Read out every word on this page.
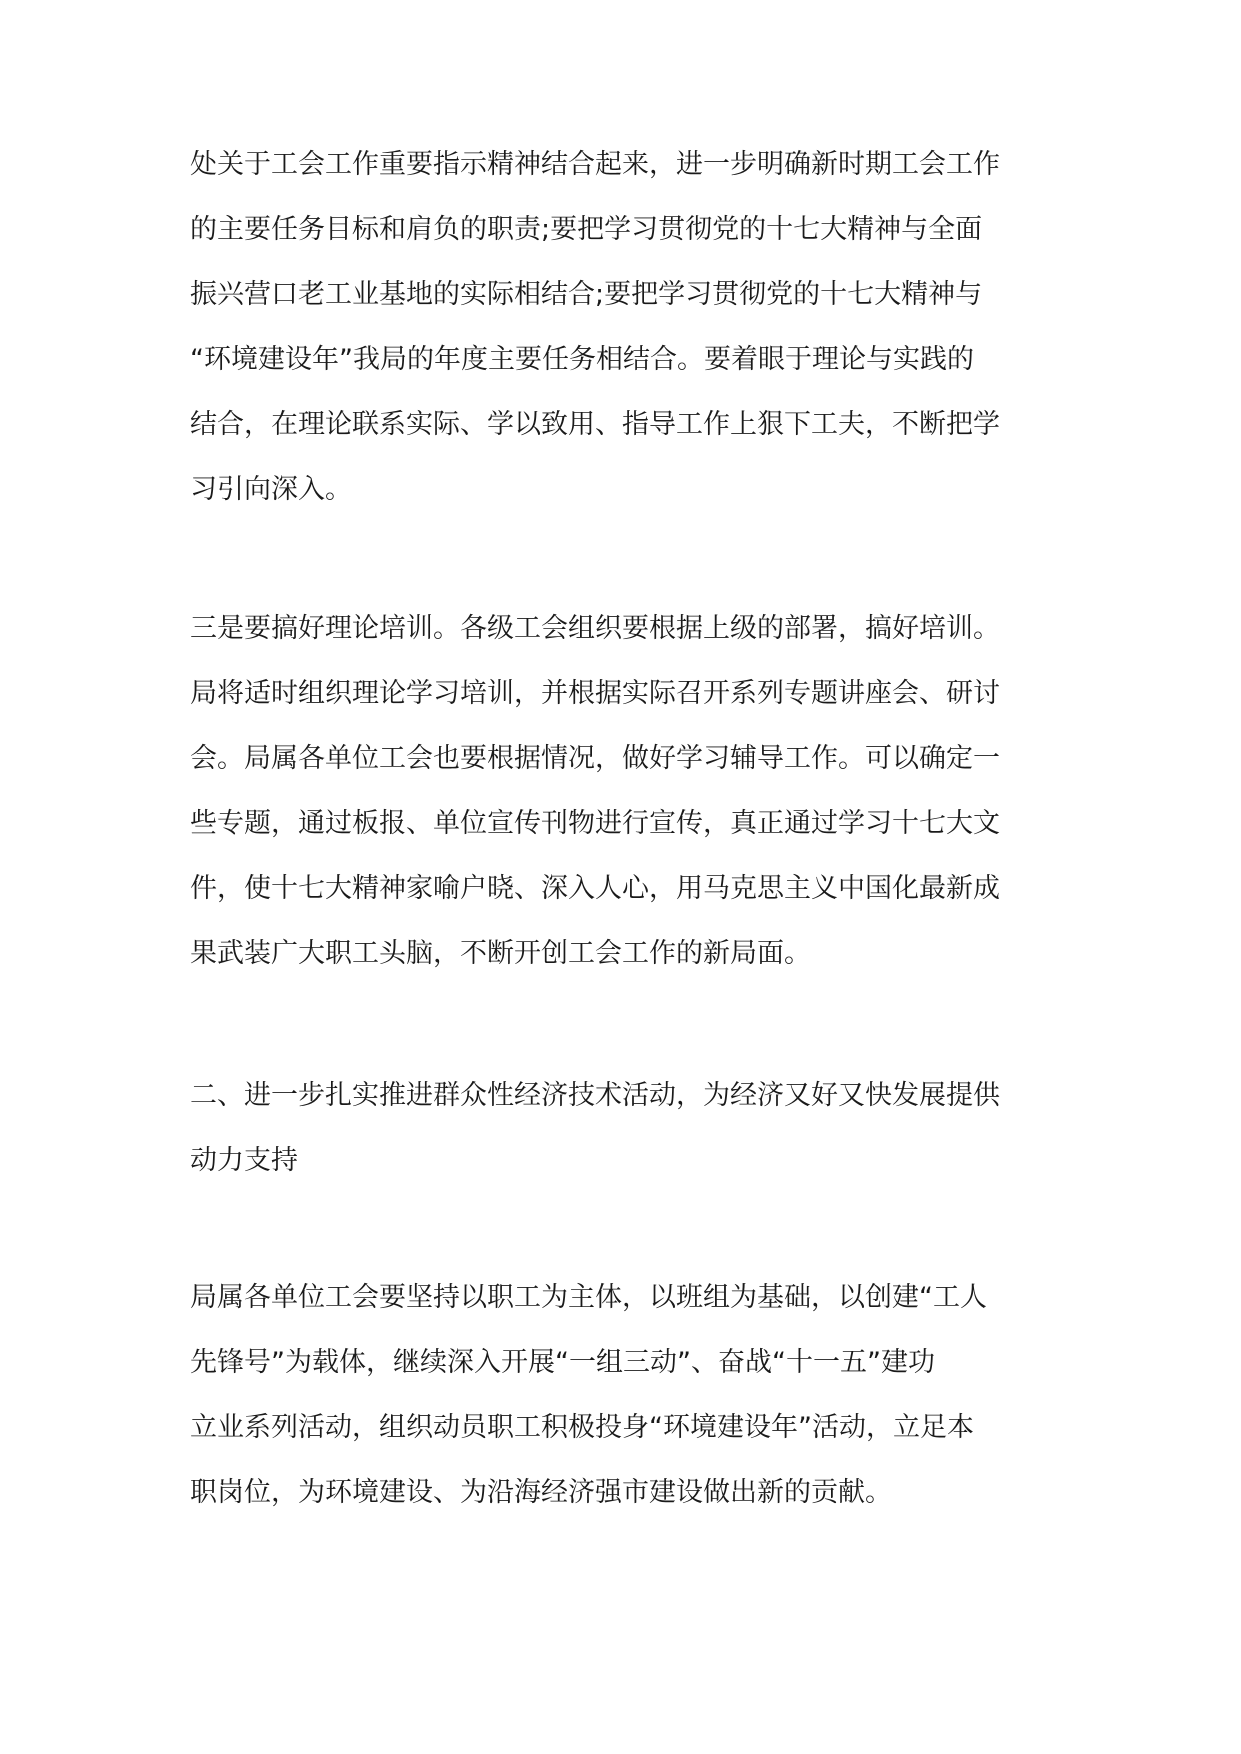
处关于工会工作重要指示精神结合起来，进一步明确新时期工会工作
的主要任务目标和肩负的职责;要把学习贯彻党的十七大精神与全面
振兴营口老工业基地的实际相结合;要把学习贯彻党的十七大精神与
“环境建设年”我局的年度主要任务相结合。要着眼于理论与实践的
结合，在理论联系实际、学以致用、指导工作上狠下工夫，不断把学
习引向深入。

三是要搞好理论培训。各级工会组织要根据上级的部署，搞好培训。
局将适时组织理论学习培训，并根据实际召开系列专题讲座会、研讨
会。局属各单位工会也要根据情况，做好学习辅导工作。可以确定一
些专题，通过板报、单位宣传刊物进行宣传，真正通过学习十七大文
件，使十七大精神家喻户晓、深入人心，用马克思主义中国化最新成
果武装广大职工头脑，不断开创工会工作的新局面。

二、进一步扎实推进群众性经济技术活动，为经济又好又快发展提供
动力支持

局属各单位工会要坚持以职工为主体，以班组为基础，以创建“工人
先锋号”为载体，继续深入开展“一组三动”、奋战“十一五”建功
立业系列活动，组织动员职工积极投身“环境建设年”活动，立足本
职岗位，为环境建设、为沿海经济强市建设做出新的贡献。
